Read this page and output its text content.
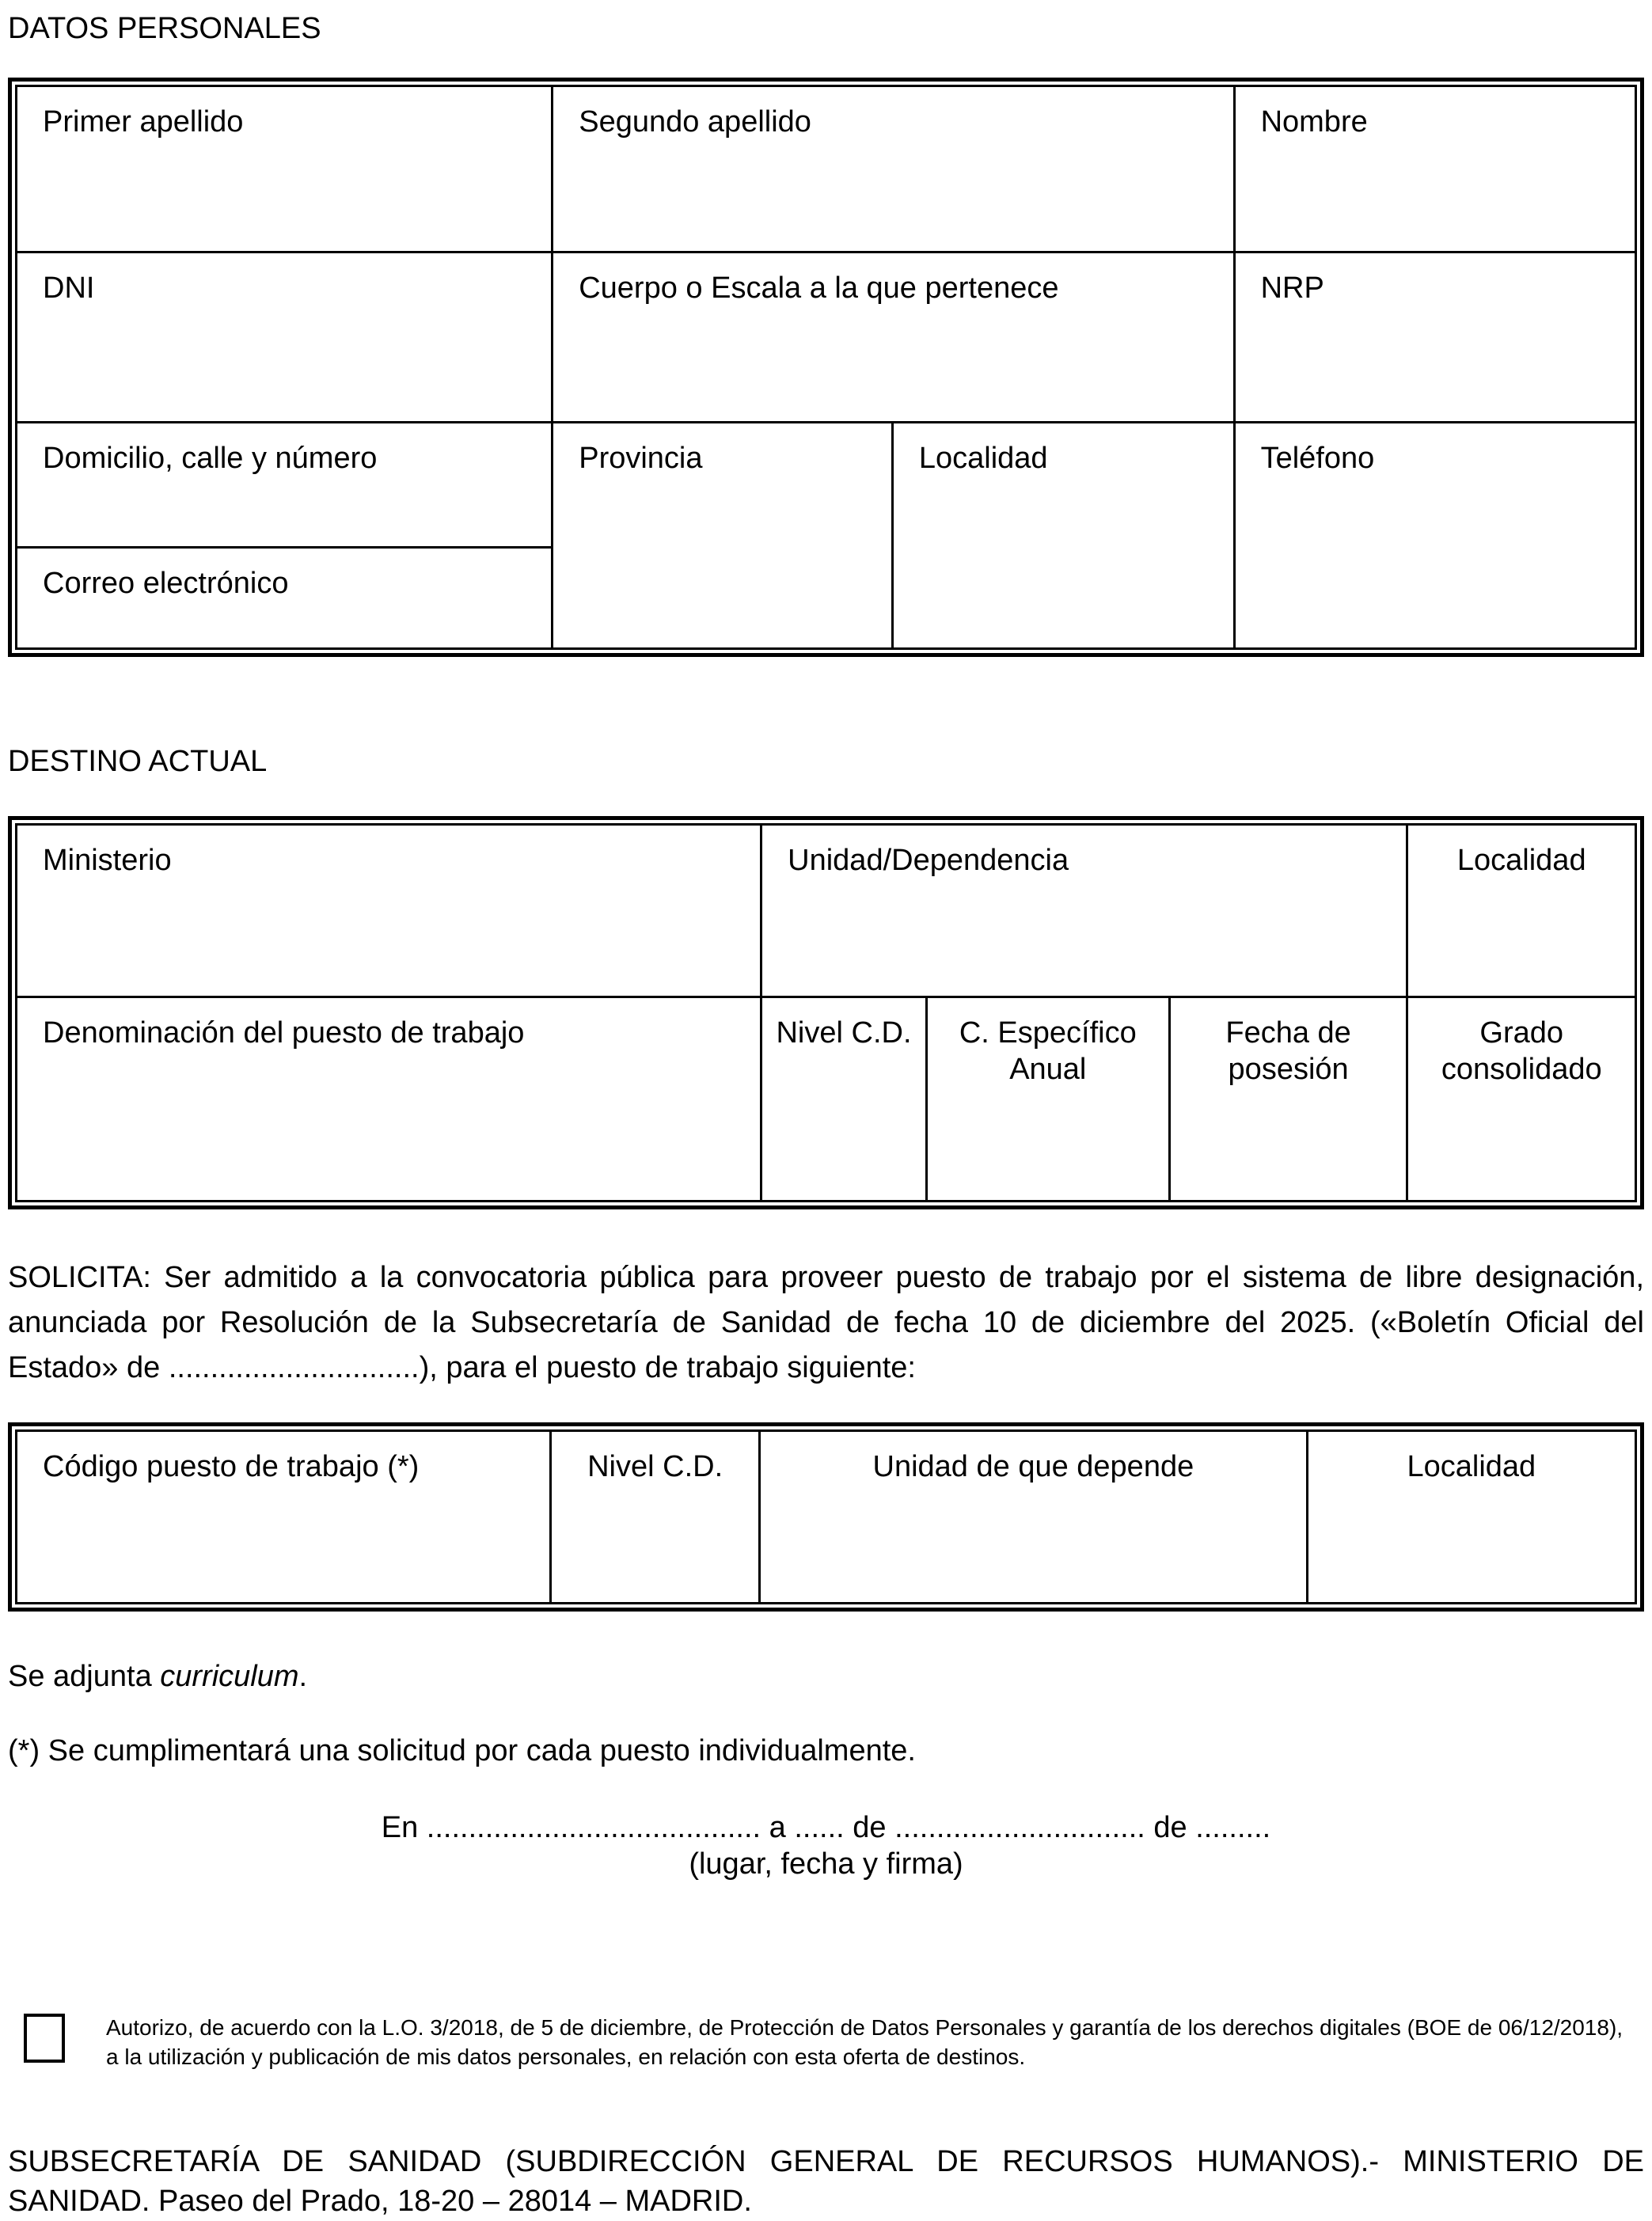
DATOS PERSONALES
Primer apellido	Segundo apellido		Nombre
DNI	Cuerpo o Escala a la que pertenece		NRP
Domicilio, calle y número	Provincia	Localidad	Teléfono
Correo electrónico			
DESTINO ACTUAL
Ministerio	Unidad/Dependencia			Localidad
Denominación del puesto de trabajo	Nivel C.D.	C. Específico Anual	Fecha de posesión	Grado consolidado

SOLICITA: Ser admitido a la convocatoria pública para proveer puesto de trabajo por el sistema de libre designación, anunciada por Resolución de la Subsecretaría de Sanidad de fecha 10 de diciembre del 2025. («Boletín Oficial del Estado» de ..............................), para el puesto de trabajo siguiente:

Código puesto de trabajo (*)	Nivel C.D.	Unidad de que depende	Localidad

Se adjunta curriculum.

(*) Se cumplimentará una solicitud por cada puesto individualmente.

En ........................................ a ...... de .............................. de .........

(lugar, fecha y firma)

Autorizo, de acuerdo con la L.O. 3/2018, de 5 de diciembre, de Protección de Datos Personales y garantía de los derechos digitales (BOE de 06/12/2018), a la utilización y publicación de mis datos personales, en relación con esta oferta de destinos.

SUBSECRETARÍA DE SANIDAD (SUBDIRECCIÓN GENERAL DE RECURSOS HUMANOS).- MINISTERIO DE SANIDAD. Paseo del Prado, 18-20 – 28014 – MADRID.
